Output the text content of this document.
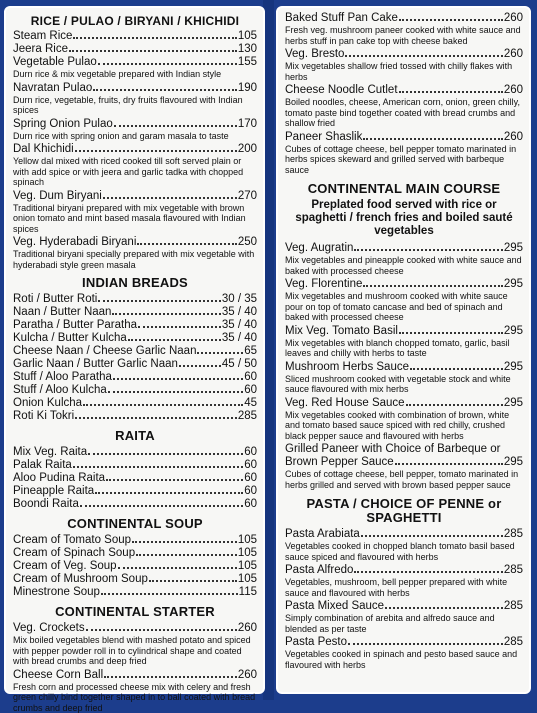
RICE / PULAO / BIRYANI / KHICHIDI
Steam Rice	105
Jeera Rice	130
Vegetable Pulao	155
Durn rice & mix vegetable prepared with Indian style
Navratan Pulao	190
Durn rice, vegetable, fruits, dry fruits flavoured with Indian spices
Spring Onion Pulao	170
Durn rice with spring onion and garam masala to taste
Dal Khichidi	200
Yellow dal mixed with riced cooked till soft served plain or with add spice or with jeera and garlic tadka with chopped spinach
Veg. Dum Biryani	270
Traditional biryani prepared with mix vegetable with brown onion tomato and mint based masala flavoured with Indian spices
Veg. Hyderabadi Biryani	250
Traditional biryani specially prepared with mix vegetable with hyderabadi style green masala
INDIAN BREADS
Roti / Butter Roti	30 / 35
Naan / Butter Naan	35 / 40
Paratha / Butter Paratha	35 / 40
Kulcha / Butter Kulcha	35 / 40
Cheese Naan / Cheese Garlic Naan	65
Garlic Naan / Butter Garlic Naan	45 / 50
Stuff / Aloo Paratha	60
Stuff / Aloo Kulcha	60
Onion Kulcha	45
Roti Ki Tokri	285
RAITA
Mix Veg. Raita	60
Palak Raita	60
Aloo Pudina Raita	60
Pineapple Raita	60
Boondi Raita	60
CONTINENTAL SOUP
Cream of Tomato Soup	105
Cream of Spinach Soup	105
Cream of Veg. Soup	105
Cream of Mushroom Soup	105
Minestrone Soup	115
CONTINENTAL STARTER
Veg. Crockets	260
Mix boiled vegetables blend with mashed potato and spiced with pepper powder roll in to cylindrical shape and coated with bread crumbs and deep fried
Cheese Corn Ball	260
Fresh corn and processed cheese mix with celery and fresh green chilly bind together shaped in to ball coated with bread crumbs and deep fried
Baked Stuff Pan Cake	260
Fresh veg. mushroom paneer cooked with white sauce and herbs stuff in pan cake top with cheese baked
Veg. Bresto	260
Mix vegetables shallow fried tossed with chilly flakes with herbs
Cheese Noodle Cutlet	260
Boiled noodles, cheese, American corn, onion, green chilly, tomato paste bind together coated with bread crumbs and shallow fried
Paneer Shaslik	260
Cubes of cottage cheese, bell pepper tomato marinated in herbs spices skeward and grilled served with barbeque sauce
CONTINENTAL MAIN COURSE
Preplated food served with rice or spaghetti / french fries and boiled sauté vegetables
Veg. Augratin	295
Mix vegetables and pineapple cooked with white sauce and baked with processed cheese
Veg. Florentine	295
Mix vegetables and mushroom cooked with white sauce pour on top of tomato cancase and bed of spinach and baked with processed cheese
Mix Veg. Tomato Basil	295
Mix vegetables with blanch chopped tomato, garlic, basil leaves and chilly with herbs to taste
Mushroom Herbs Sauce	295
Sliced mushroom cooked with vegetable stock and white sauce flavoured with mix herbs
Veg. Red House Sauce	295
Mix vegetables cooked with combination of brown, white and tomato based sauce spiced with red chilly, crushed black pepper sauce and flavoured with herbs
Grilled Paneer with Choice of Barbeque or
Brown Pepper Sauce	295
Cubes of cottage cheese, bell pepper, tomato marinated in herbs grilled and served with brown based pepper sauce
PASTA / CHOICE OF PENNE or SPAGHETTI
Pasta Arabiata	285
Vegetables cooked in chopped blanch tomato basil based sauce spiced and flavoured with herbs
Pasta Alfredo	285
Vegetables, mushroom, bell pepper prepared with white sauce and flavoured with herbs
Pasta Mixed Sauce	285
Simply combination of arebita and alfredo sauce and blended as per taste
Pasta Pesto	285
Vegetables cooked in spinach and pesto based sauce and flavoured with herbs
